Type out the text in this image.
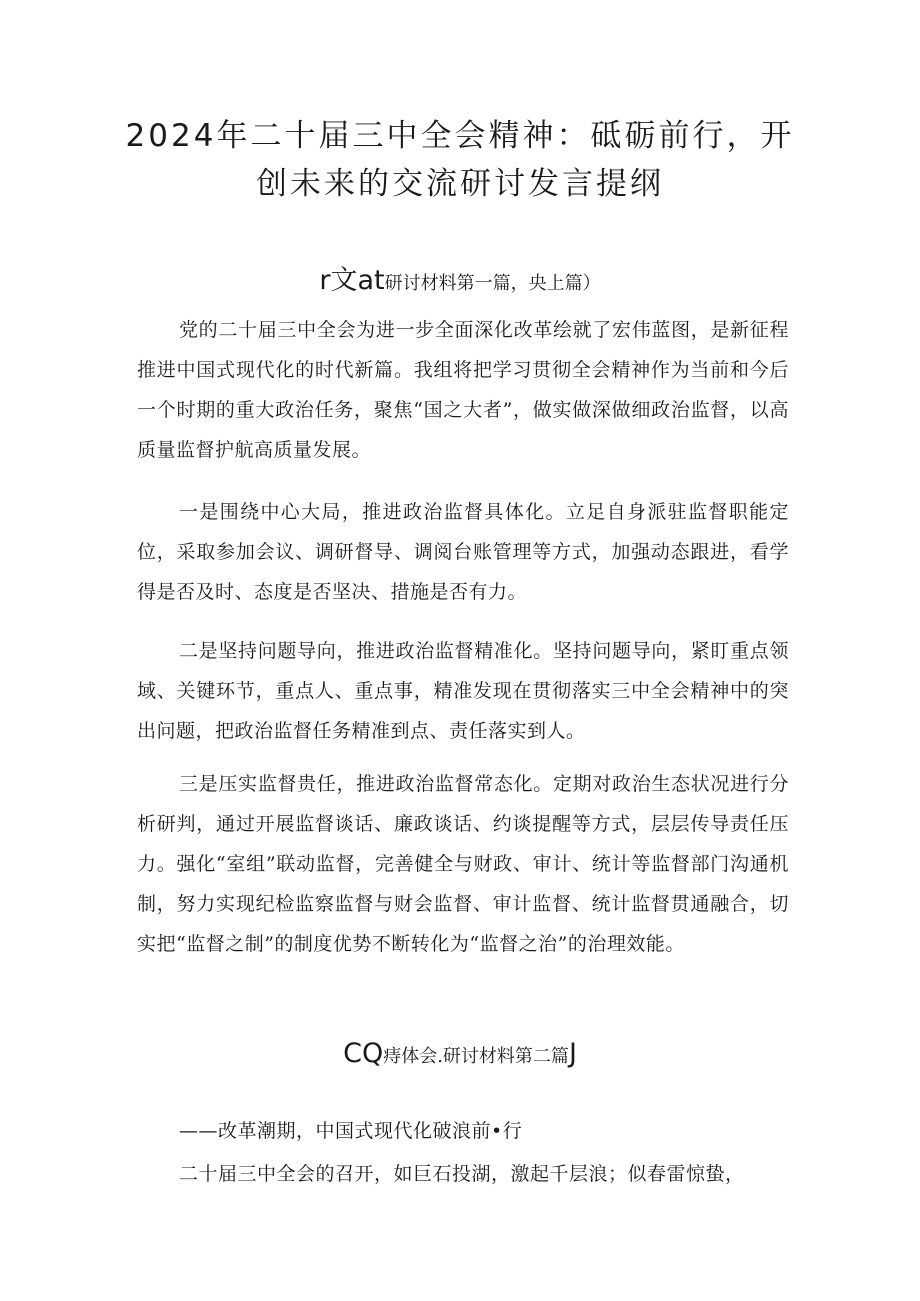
2024年二十届三中全会精神：砥砺前行，开
创未来的交流研讨发言提纲

r文at研讨材料第一篇，央上篇）

党的二十届三中全会为进一步全面深化改革绘就了宏伟蓝图，是新征程推进中国式现代化的时代新篇。我组将把学习贯彻全会精神作为当前和今后一个时期的重大政治任务，聚焦“国之大者”，做实做深做细政治监督，以高质量监督护航高质量发展。

一是围绕中心大局，推进政治监督具体化。立足自身派驻监督职能定位，采取参加会议、调研督导、调阅台账管理等方式，加强动态跟进，看学得是否及时、态度是否坚决、措施是否有力。

二是坚持问题导向，推进政治监督精准化。坚持问题导向，紧盯重点领域、关键环节，重点人、重点事，精准发现在贯彻落实三中全会精神中的突出问题，把政治监督任务精准到点、责任落实到人。

三是压实监督贵任，推进政治监督常态化。定期对政治生态状况进行分析研判，通过开展监督谈话、廉政谈话、约谈提醒等方式，层层传导责任压力。强化“室组”联动监督，完善健全与财政、审计、统计等监督部门沟通机制，努力实现纪检监察监督与财会监督、审计监督、统计监督贯通融合，切实把“监督之制”的制度优势不断转化为“监督之治”的治理效能。

CQ痔体会.研讨材料第二篇J

——改革潮期，中国式现代化破浪前•行

二十届三中全会的召开，如巨石投湖，激起千层浪；似春雷惊蛰，
